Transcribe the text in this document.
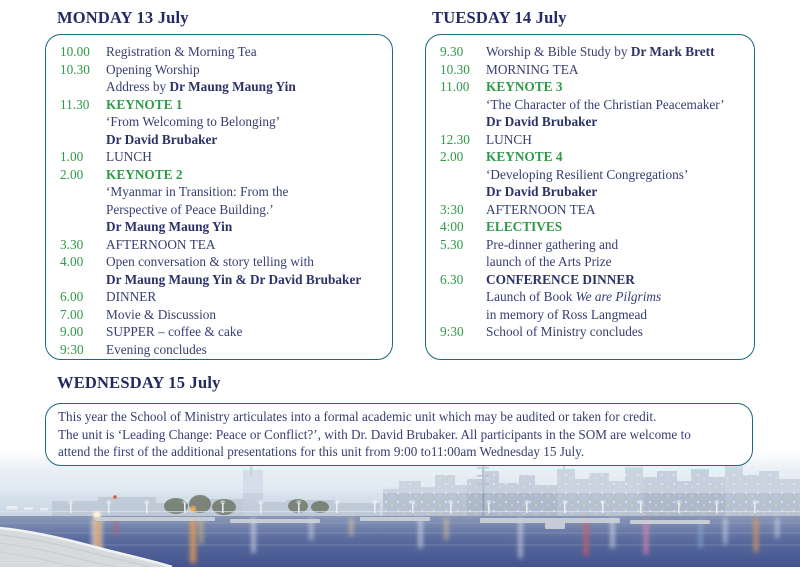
MONDAY 13 July	TUESDAY 14 July
WEDNESDAY 15 July
10.00	Registration & Morning Tea
10.30	Opening Worship
Address by Dr Maung Maung Yin
11.30	KEYNOTE 1
‘From Welcoming to Belonging’
Dr David Brubaker
1.00	LUNCH
2.00	KEYNOTE 2
‘Myanmar in Transition: From the
Perspective of Peace Building.’
Dr Maung Maung Yin
3.30	AFTERNOON TEA
4.00	Open conversation & story telling with
Dr Maung Maung Yin & Dr David Brubaker
6.00	DINNER
7.00	Movie & Discussion
9.00	SUPPER – coffee & cake
9:30	Evening concludes
9.30	Worship & Bible Study by Dr Mark Brett
10.30	MORNING TEA
11.00	KEYNOTE 3
‘The Character of the Christian Peacemaker’
Dr David Brubaker
12.30	LUNCH
2.00	KEYNOTE 4
‘Developing Resilient Congregations’
Dr David Brubaker
3:30	AFTERNOON TEA
4:00	ELECTIVES
5.30	Pre-dinner gathering and
launch of the Arts Prize
6.30	CONFERENCE DINNER
Launch of Book We are Pilgrims
in memory of Ross Langmead
9:30	School of Ministry concludes
This year the School of Ministry articulates into a formal academic unit which may be audited or taken for credit.
The unit is ‘Leading Change: Peace or Conflict?’, with Dr. David Brubaker. All participants in the SOM are welcome to
attend the first of the additional presentations for this unit from 9:00 to11:00am Wednesday 15 July.
